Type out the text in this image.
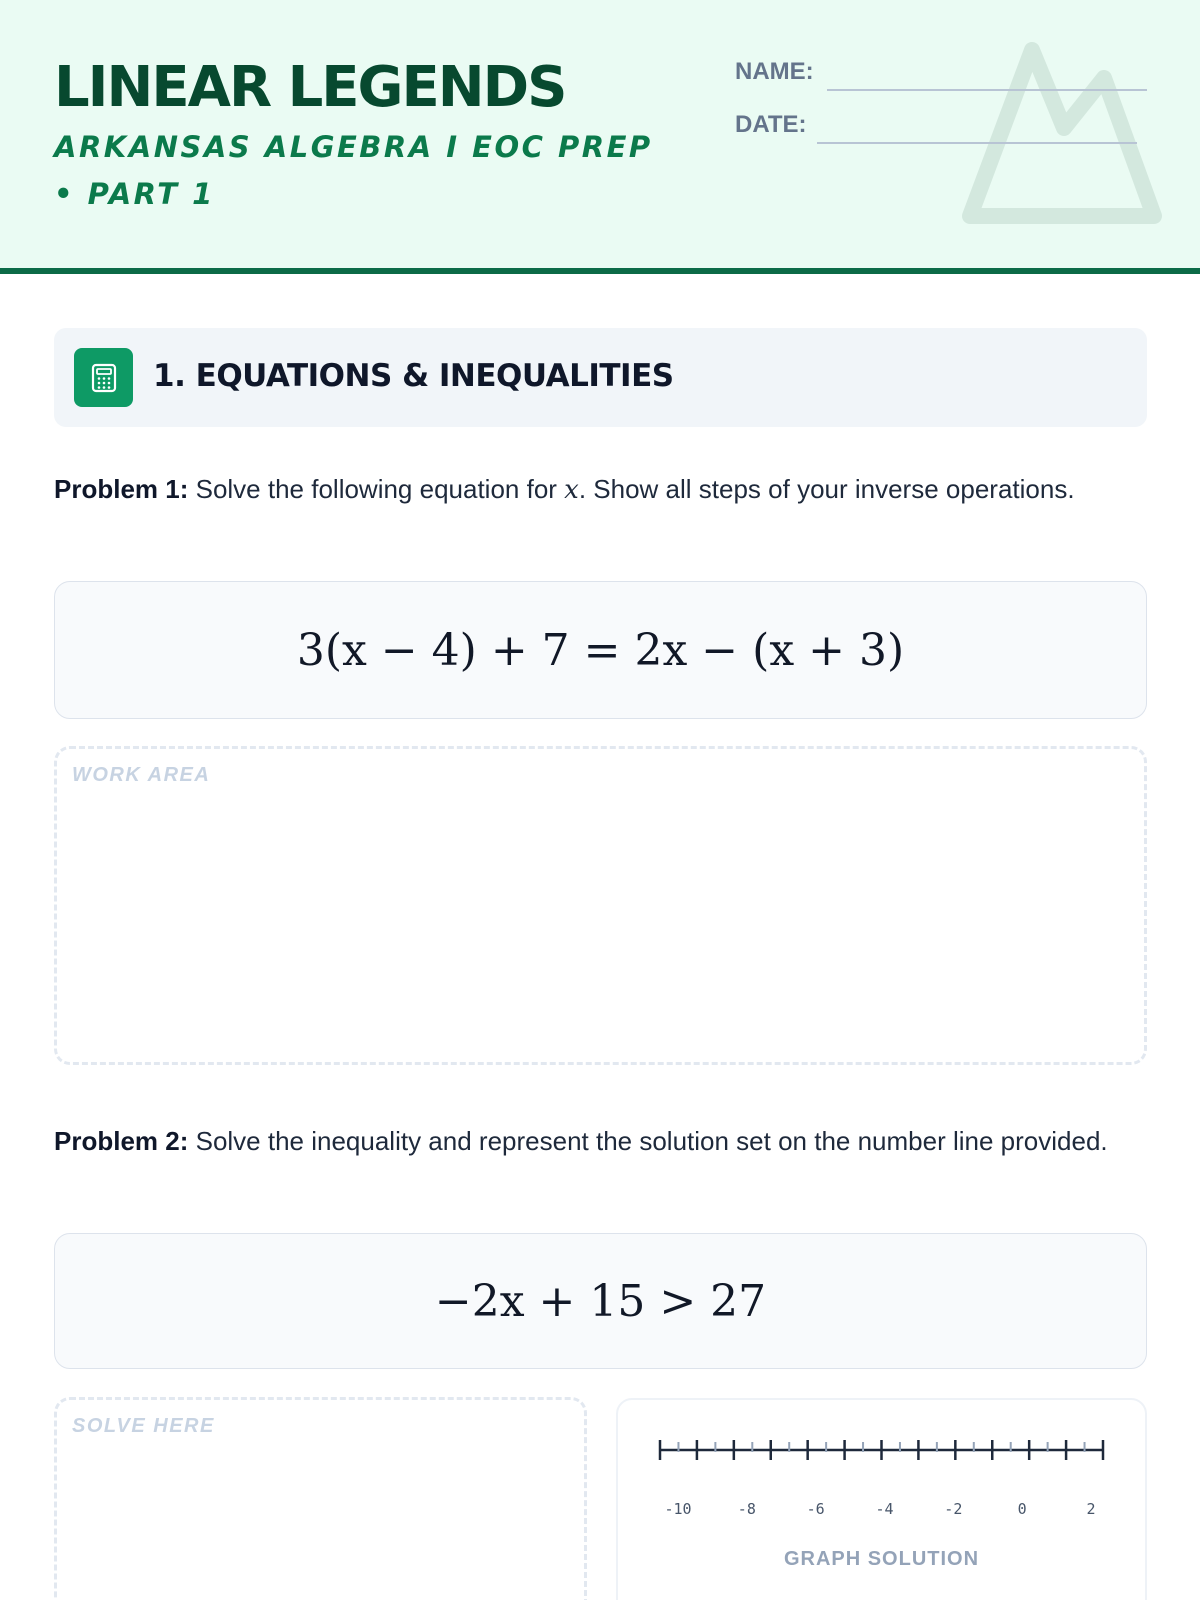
LINEAR LEGENDS
ARKANSAS ALGEBRA I EOC PREP • PART 1
NAME:
DATE:
1. EQUATIONS & INEQUALITIES
Problem 1: Solve the following equation for x. Show all steps of your inverse operations.
3(x − 4) + 7 = 2x − (x + 3)
WORK AREA
Problem 2: Solve the inequality and represent the solution set on the number line provided.
−2x + 15 > 27
SOLVE HERE
-10	-8	-6	-4	-2	0	2
GRAPH SOLUTION
